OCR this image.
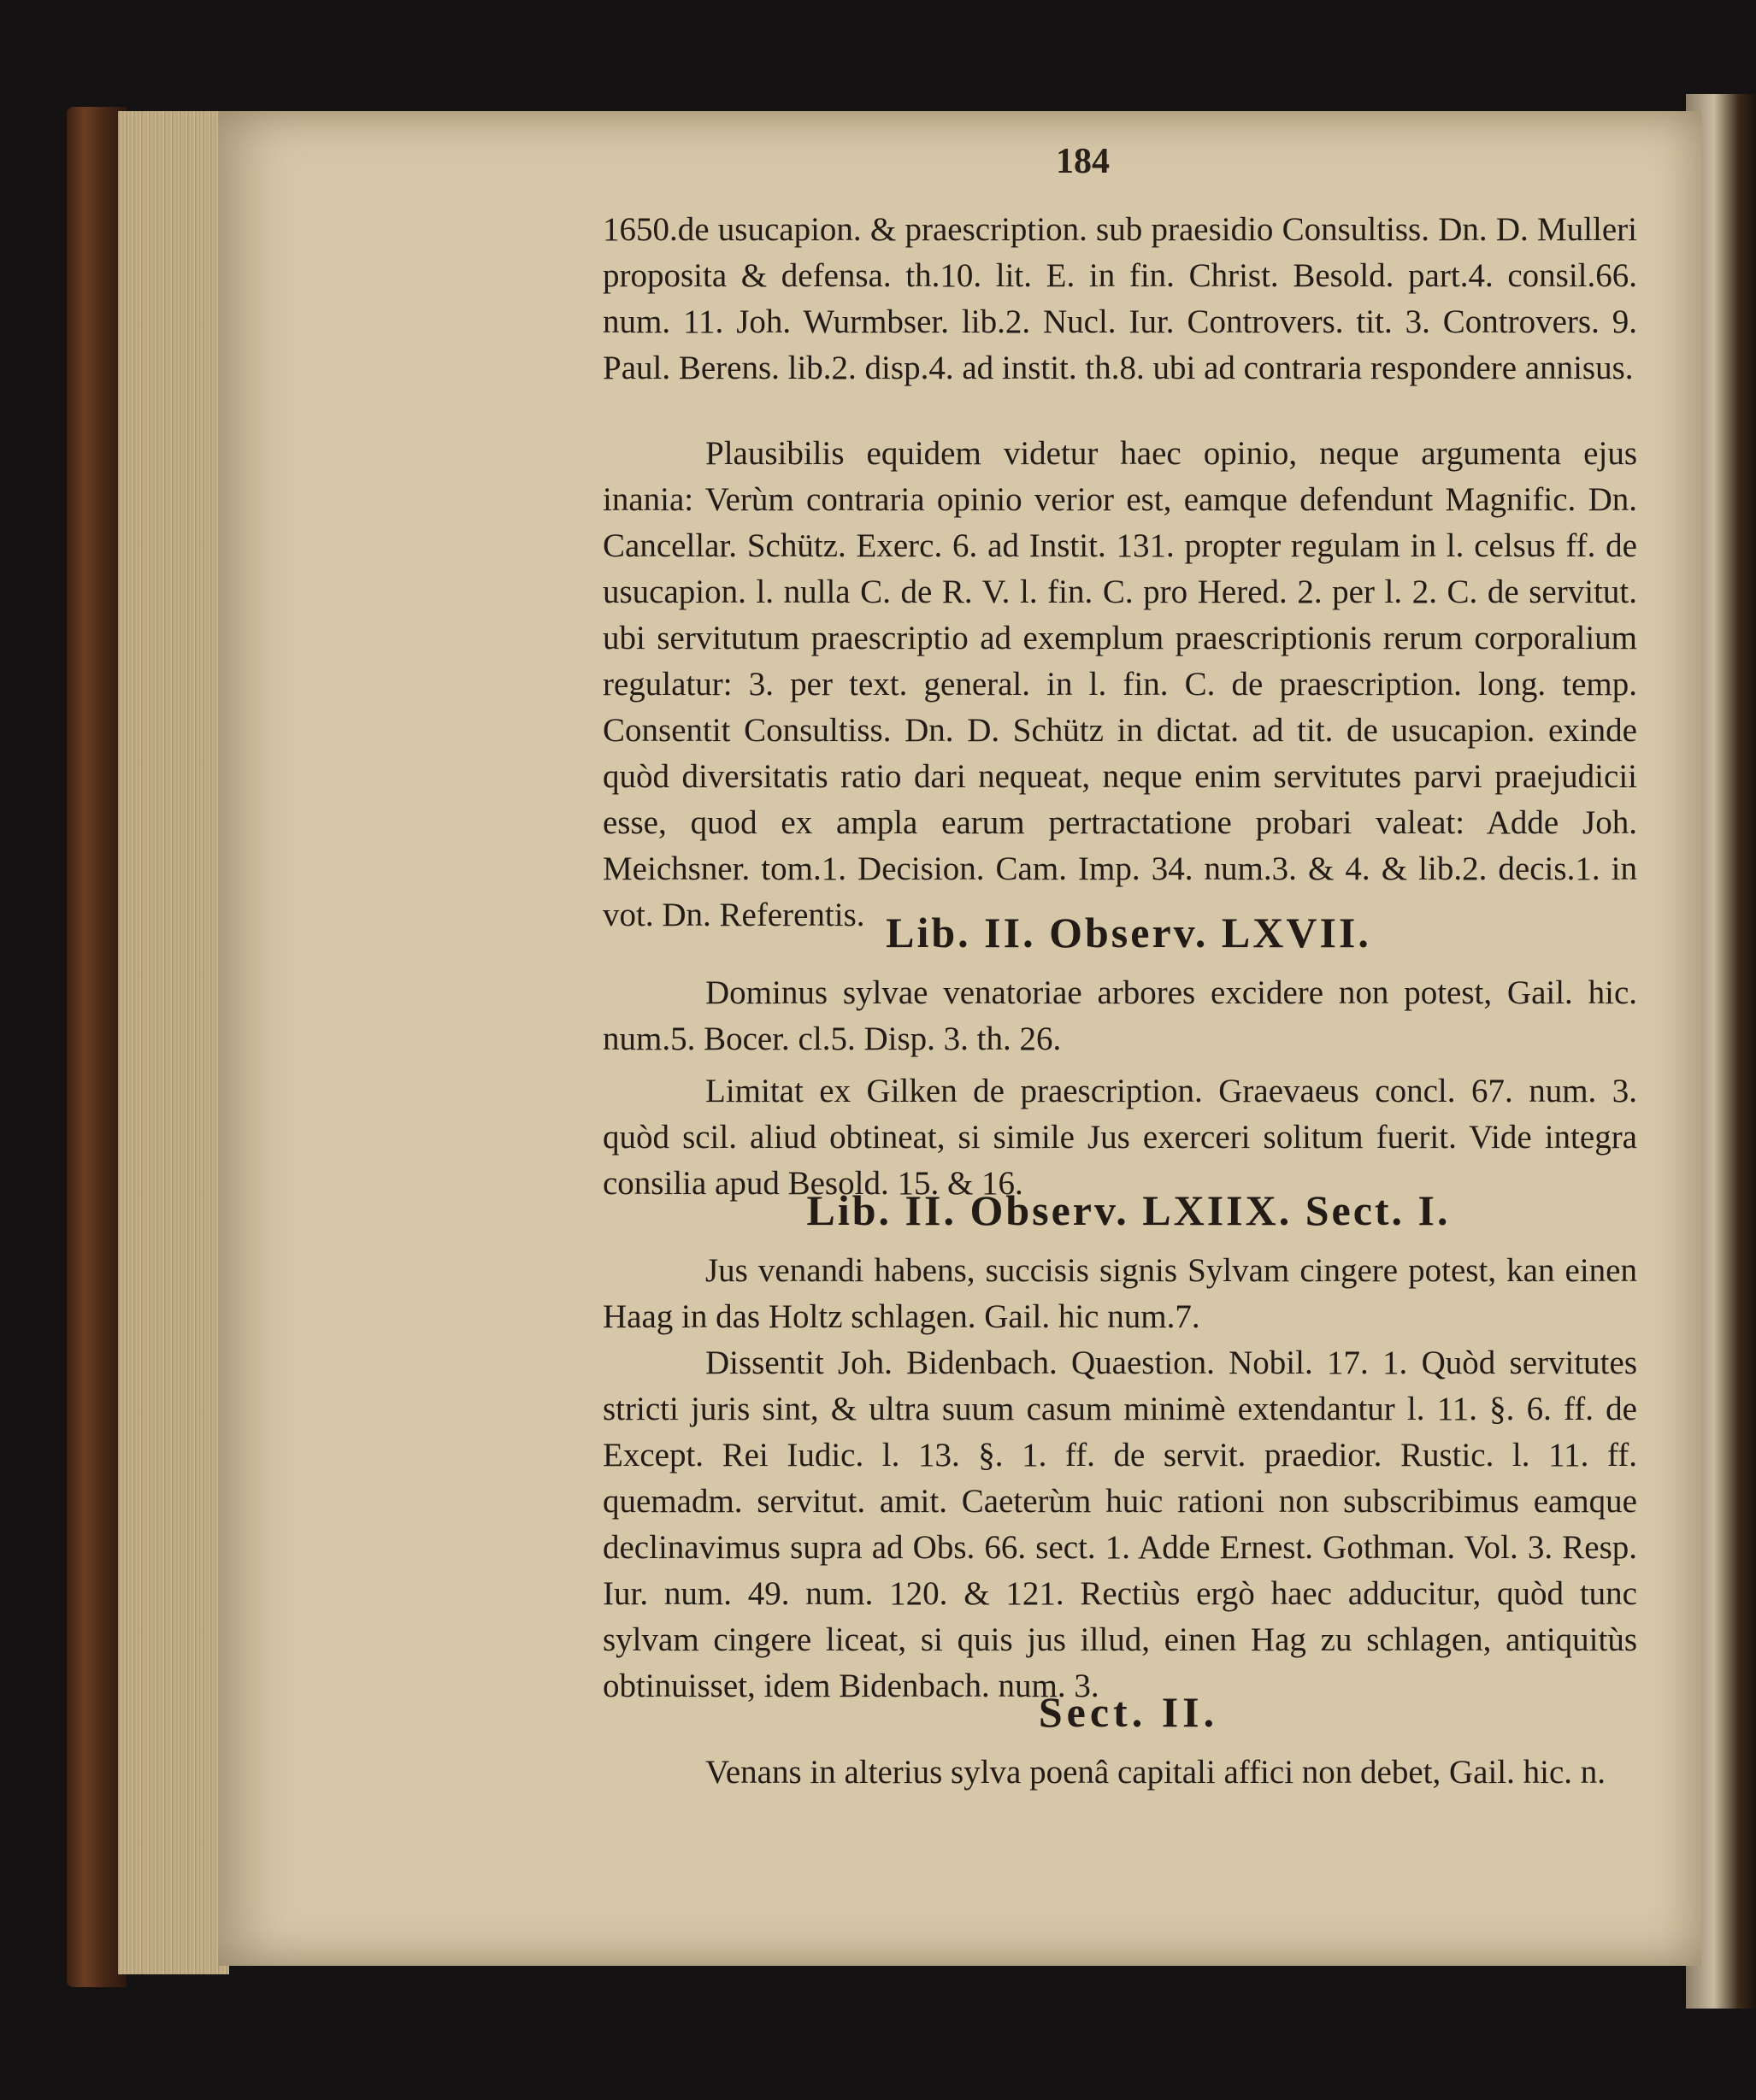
184

1650.de usucapion. & praescription. sub praesidio Consultiss. Dn. D. Mulleri proposita & defensa. th.10. lit. E. in fin. Christ. Besold. part.4. consil.66. num. 11. Joh. Wurmbser. lib.2. Nucl. Iur. Controvers. tit. 3. Controvers. 9. Paul. Berens. lib.2. disp.4. ad instit. th.8. ubi ad contraria respondere annisus.

Plausibilis equidem videtur haec opinio, neque argumenta ejus inania: Verùm contraria opinio verior est, eamque defendunt Magnific. Dn. Cancellar. Schütz. Exerc. 6. ad Instit. 131. propter regulam in l. celsus ff. de usucapion. l. nulla C. de R. V. l. fin. C. pro Hered. 2. per l. 2. C. de servitut. ubi servitutum praescriptio ad exemplum praescriptionis rerum corporalium regulatur: 3. per text. general. in l. fin. C. de praescription. long. temp. Consentit Consultiss. Dn. D. Schütz in dictat. ad tit. de usucapion. exinde quòd diversitatis ratio dari nequeat, neque enim servitutes parvi praejudicii esse, quod ex ampla earum pertractatione probari valeat: Adde Joh. Meichsner. tom.1. Decision. Cam. Imp. 34. num.3. & 4. & lib.2. decis.1. in vot. Dn. Referentis. Lib. II. Observ. LXVII.

Dominus sylvae venatoriae arbores excidere non potest, Gail. hic. num.5. Bocer. cl.5. Disp. 3. th. 26.

Limitat ex Gilken de praescription. Graevaeus concl. 67. num. 3. quòd scil. aliud obtineat, si simile Jus exerceri solitum fuerit. Vide integra consilia apud Besold. 15. & 16.

Lib. II. Observ. LXIIX. Sect. I.

Jus venandi habens, succisis signis Sylvam cingere potest, kan einen Haag in das Holtz schlagen. Gail. hic num.7.

Dissentit Joh. Bidenbach. Quaestion. Nobil. 17. 1. Quòd servitutes stricti juris sint, & ultra suum casum minimè extendantur l. 11. §. 6. ff. de Except. Rei Iudic. l. 13. §. 1. ff. de servit. praedior. Rustic. l. 11. ff. quemadm. servitut. amit. Caeterùm huic rationi non subscribimus eamque declinavimus supra ad Obs. 66. sect. 1. Adde Ernest. Gothman. Vol. 3. Resp. Iur. num. 49. num. 120. & 121. Rectiùs ergò haec adducitur, quòd tunc sylvam cingere liceat, si quis jus illud, einen Hag zu schlagen, antiquitùs obtinuisset, idem Bidenbach. num. 3.

Sect. II.

Venans in alterius sylva poenâ capitali affici non debet, Gail. hic. n.
